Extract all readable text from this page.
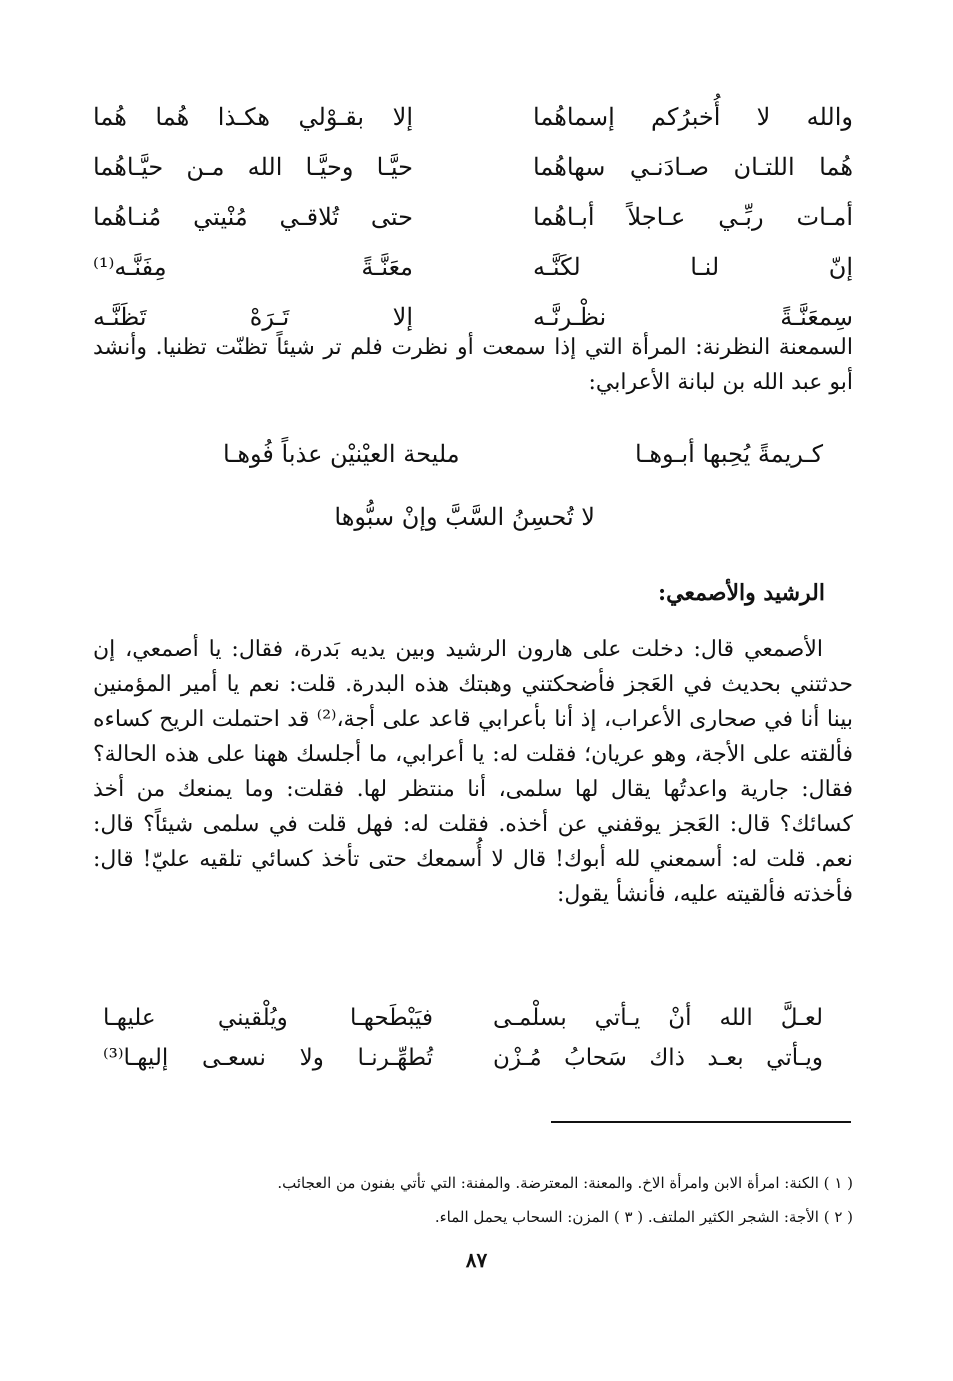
والله لا أُخبرُكم إسماهُما
إلا بقـوْلي هكـذا هُما هُما
هُما اللتـان صـادَنـي سهاهُما
حيَّـا وحيَّـا الله مـن حيَّـاهُما
أمـات ربِّـي عـاجلاً أبـاهُما
حتى تُلاقـي مُنْيتي مُنـاهُما
إنّ لنـا لكَنَّـه
معَنَّـةً مِفَنَّـه⁽¹⁾
سِمعَنَّـةً نظْـرنَّـه
إلا تَـرَهْ تَظَنَّـه

السمعنة النظرنة: المرأة التي إذا سمعت أو نظرت فلم تر شيئاً تظنّت تظنيا. وأنشد أبو عبد الله بن لبانة الأعرابي:

كـريمةً يُحِبها أبـوهـا
مليحة العيْنيْن عذباً فُوهـا
لا تُحسِنُ السَّبَّ وإنْ سبُّوها
الرشيد والأصمعي:

الأصمعي قال: دخلت على هارون الرشيد وبين يديه بَدرة، فقال: يا أصمعي، إن حدثتني بحديث في العَجز فأضحكتني وهبتك هذه البدرة. قلت: نعم يا أمير المؤمنين بينا أنا في صحارى الأعراب، إذ أنا بأعرابي قاعد على أجة،⁽²⁾ قد احتملت الريح كساءه فألقته على الأجة، وهو عريان؛ فقلت له: يا أعرابي، ما أجلسك ههنا على هذه الحالة؟ فقال: جارية واعدتُها يقال لها سلمى، أنا منتظر لها. فقلت: وما يمنعك من أخذ كسائك؟ قال: العَجز يوقفني عن أخذه. فقلت له: فهل قلت في سلمى شيئاً؟ قال: نعم. قلت له: أسمعني لله أبوك! قال لا أُسمعك حتى تأخذ كسائي تلقيه عليّ! قال: فأخذته فألقيته عليه، فأنشأ يقول:

لعـلَّ الله أنْ يـأتي بسلْمـى
فيَبْطَحهـا ويُلْقيني عليهـا
ويـأتي بعـد ذاك سَحابُ مُـزْن
تُطهِّـرنـا ولا نسعـى إليهـا⁽³⁾
( ١ ) الكنة: امرأة الابن وامرأة الاخ. والمعنة: المعترضة. والمفنة: التي تأتي بفنون من العجائب.
( ٢ ) الأجة: الشجر الكثير الملتف. ( ٣ ) المزن: السحاب يحمل الماء.
٨٧
